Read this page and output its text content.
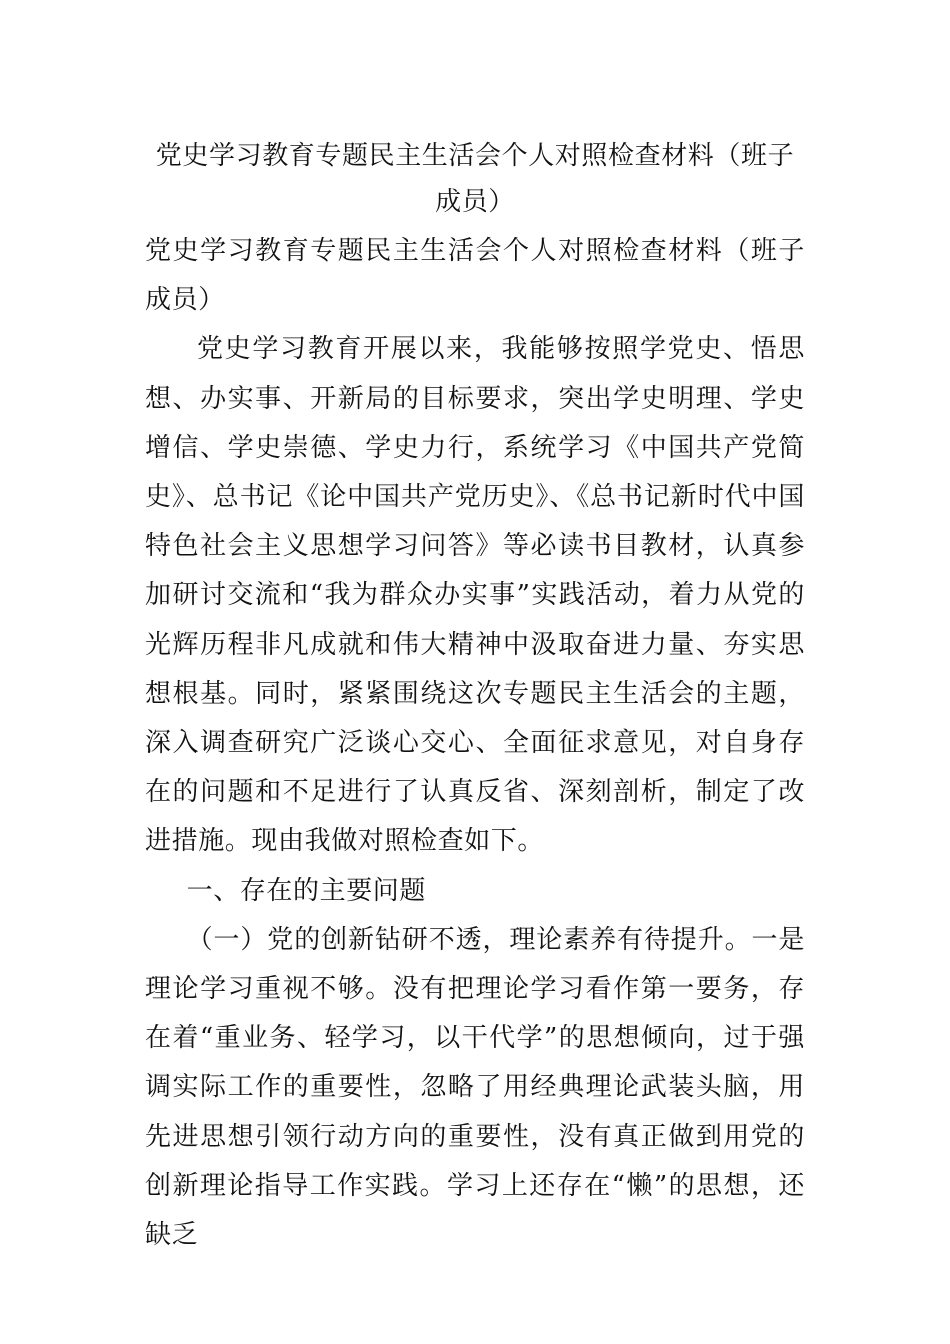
党史学习教育专题民主生活会个人对照检查材料（班子成员）

党史学习教育专题民主生活会个人对照检查材料（班子成员）

党史学习教育开展以来，我能够按照学党史、悟思想、办实事、开新局的目标要求，突出学史明理、学史增信、学史崇德、学史力行，系统学习《中国共产党简史》、总书记《论中国共产党历史》、《总书记新时代中国特色社会主义思想学习问答》等必读书目教材，认真参加研讨交流和“我为群众办实事”实践活动，着力从党的光辉历程非凡成就和伟大精神中汲取奋进力量、夯实思想根基。同时，紧紧围绕这次专题民主生活会的主题，深入调查研究广泛谈心交心、全面征求意见，对自身存在的问题和不足进行了认真反省、深刻剖析，制定了改进措施。现由我做对照检查如下。

一、存在的主要问题

（一）党的创新钻研不透，理论素养有待提升。一是理论学习重视不够。没有把理论学习看作第一要务，存在着“重业务、轻学习，以干代学”的思想倾向，过于强调实际工作的重要性，忽略了用经典理论武装头脑，用先进思想引领行动方向的重要性，没有真正做到用党的创新理论指导工作实践。学习上还存在“懒”的思想，还缺乏
